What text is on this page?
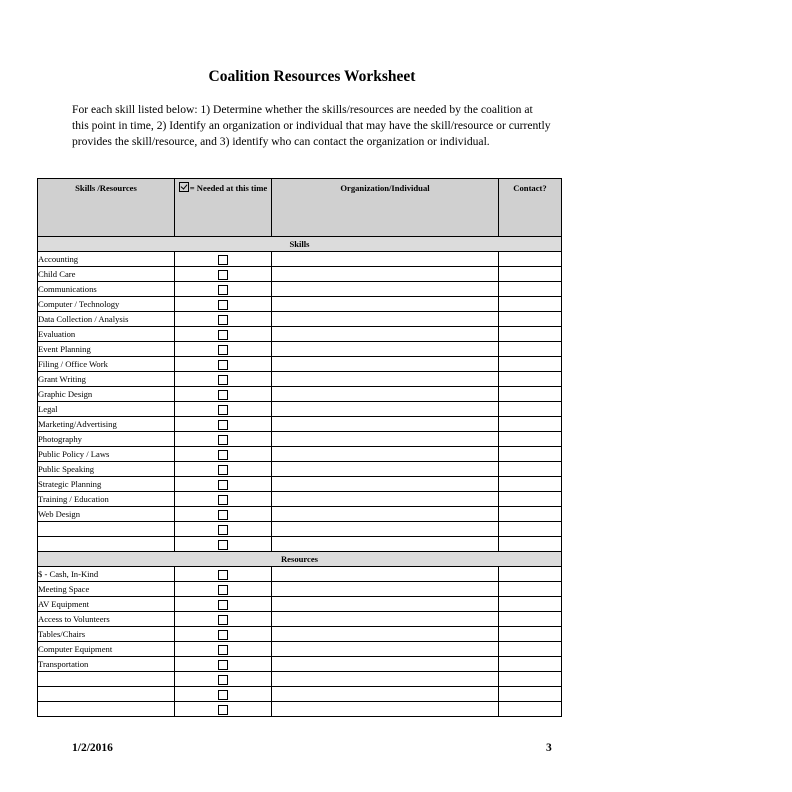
Coalition Resources Worksheet
For each skill listed below: 1) Determine whether the skills/resources are needed by the coalition at this point in time, 2) Identify an organization or individual that may have the skill/resource or currently provides the skill/resource, and 3) identify who can contact the organization or individual.
Skills /Resources	= Needed at this time	Organization/Individual	Contact?
Skills			
Accounting			
Child Care			
Communications			
Computer / Technology			
Data Collection / Analysis			
Evaluation			
Event Planning			
Filing / Office Work			
Grant Writing			
Graphic Design			
Legal			
Marketing/Advertising			
Photography			
Public Policy / Laws			
Public Speaking			
Strategic Planning			
Training / Education			
Web Design			

Resources			
$ - Cash, In-Kind			
Meeting Space			
AV Equipment			
Access to Volunteers			
Tables/Chairs			
Computer Equipment			
Transportation			

1/2/2016	3
